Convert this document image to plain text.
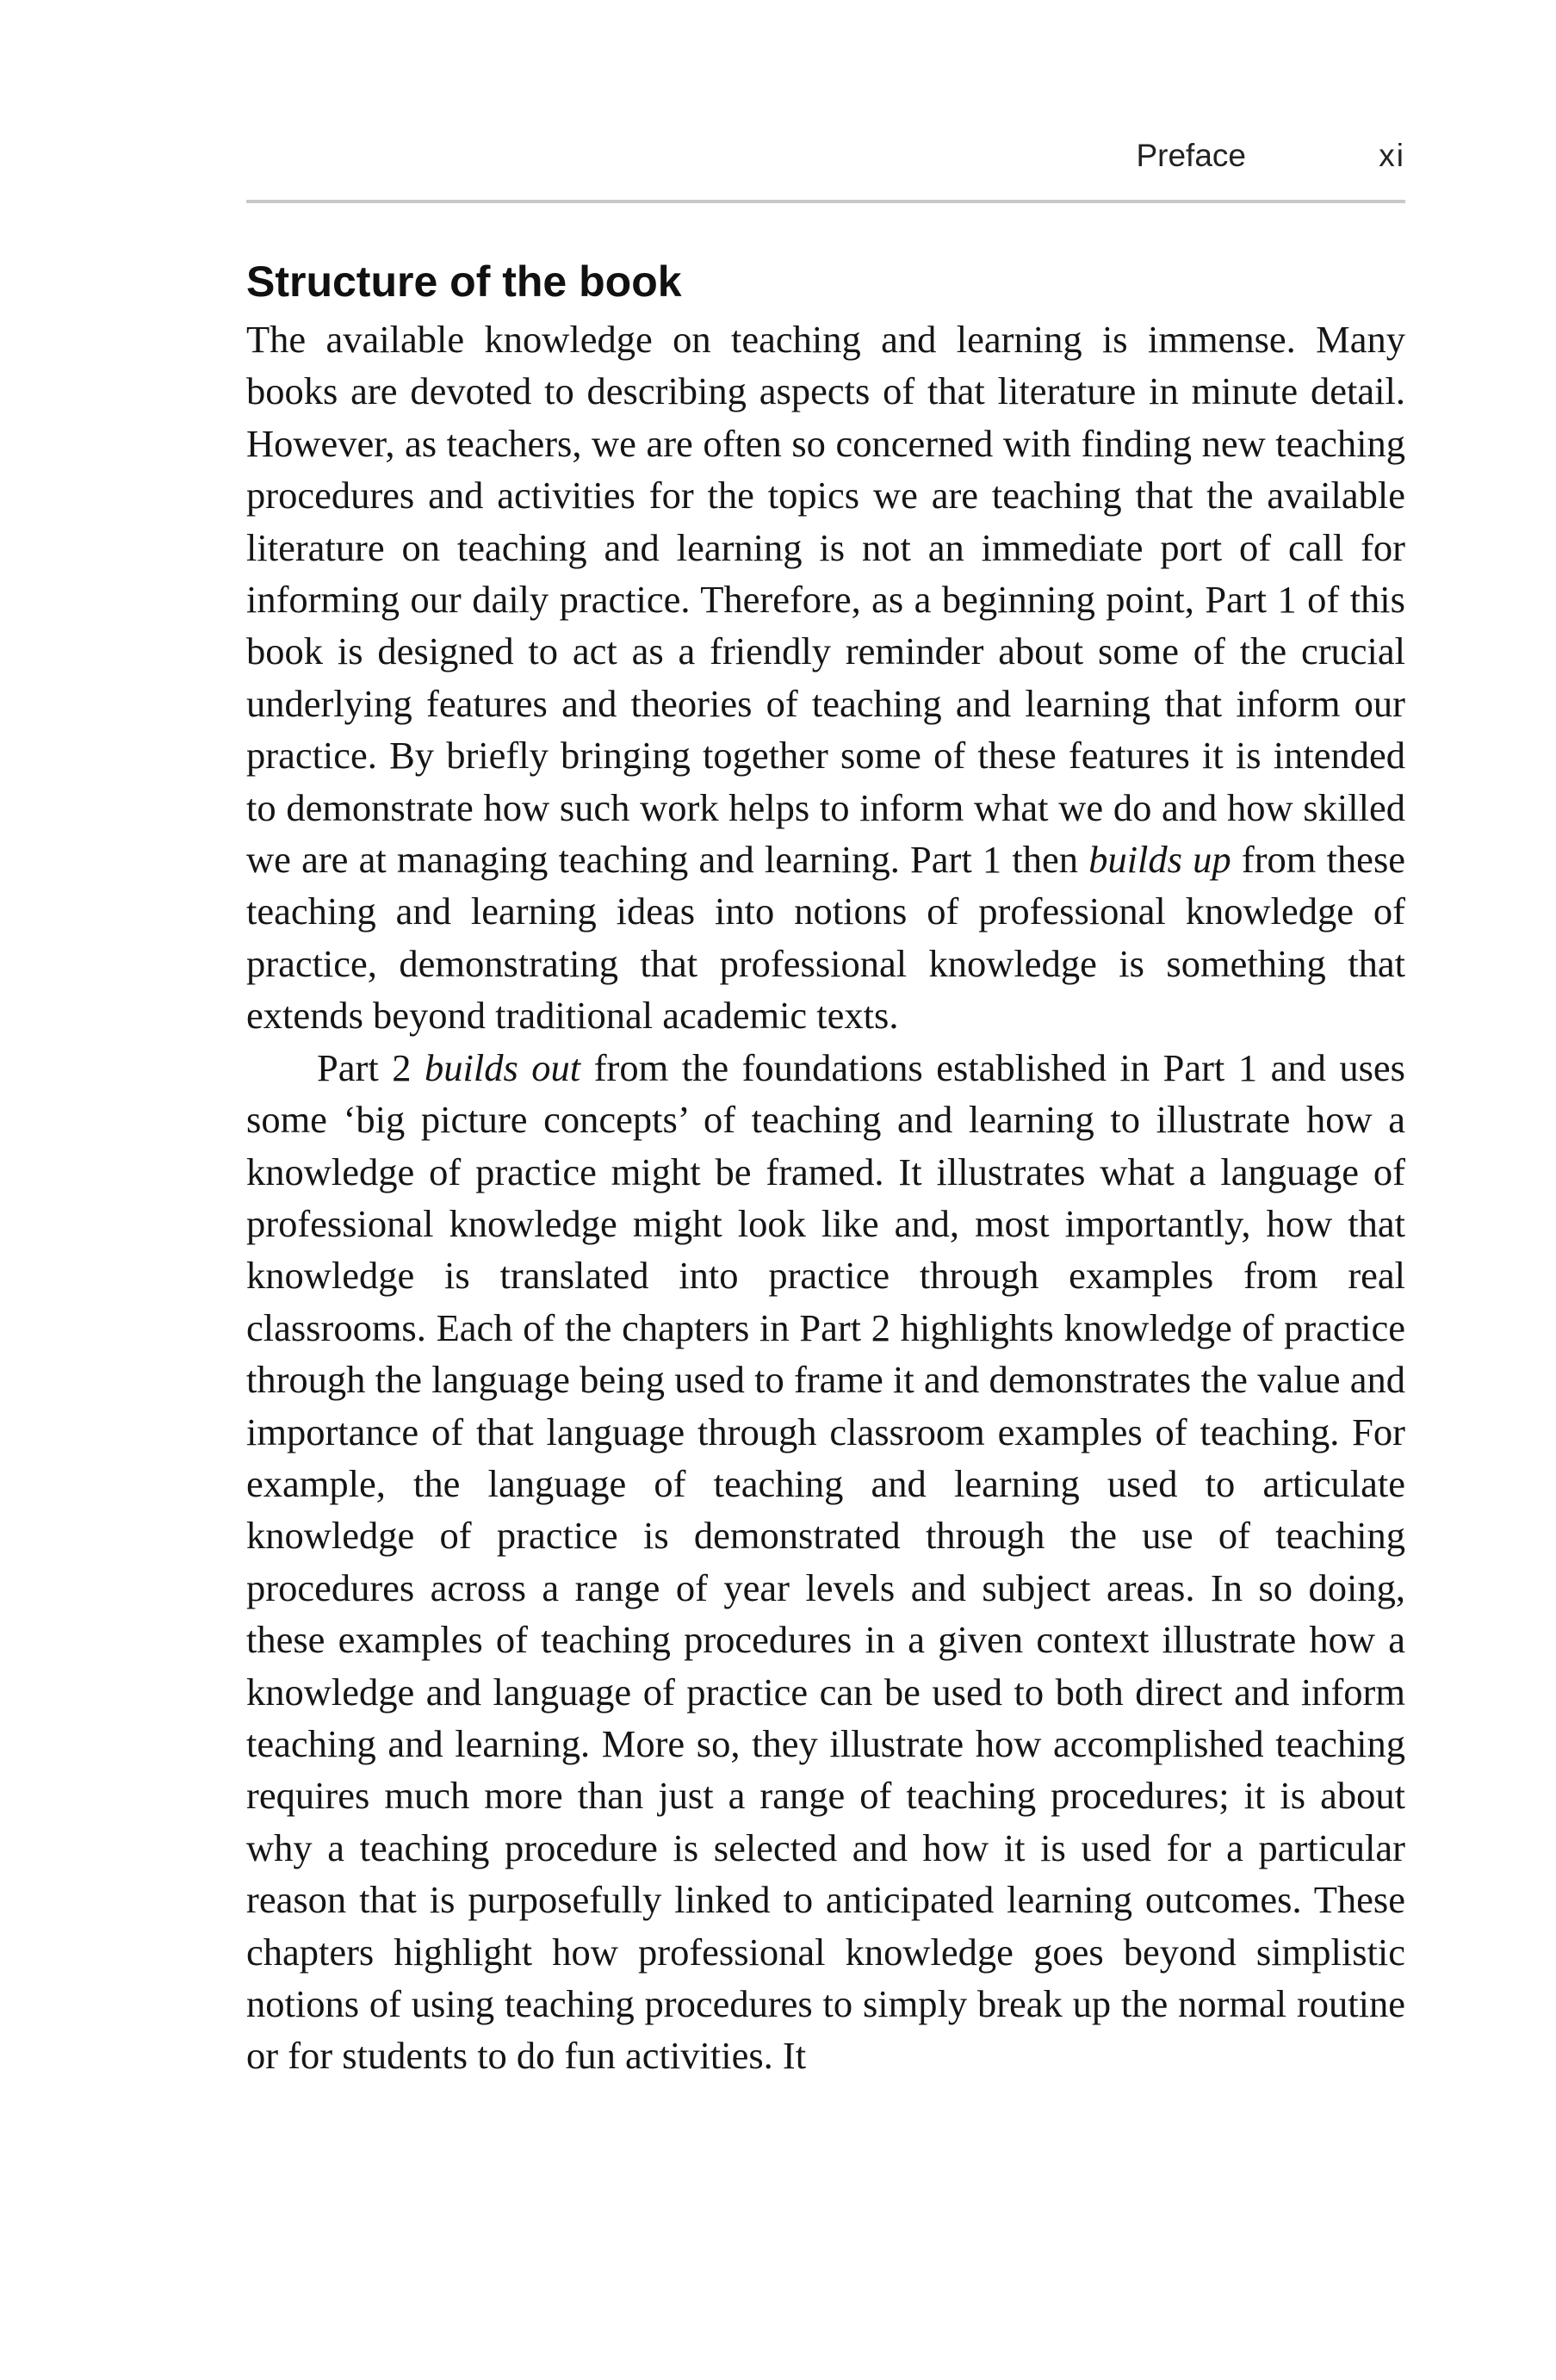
Preface	xi
Structure of the book

The available knowledge on teaching and learning is immense. Many books are devoted to describing aspects of that literature in minute detail. However, as teachers, we are often so concerned with finding new teaching procedures and activities for the topics we are teaching that the available literature on teaching and learning is not an immediate port of call for informing our daily practice. Therefore, as a beginning point, Part 1 of this book is designed to act as a friendly reminder about some of the crucial underlying features and theories of teaching and learning that inform our practice. By briefly bringing together some of these features it is intended to demonstrate how such work helps to inform what we do and how skilled we are at managing teaching and learning. Part 1 then builds up from these teaching and learning ideas into notions of professional knowledge of practice, demonstrating that professional knowledge is something that extends beyond traditional academic texts.

Part 2 builds out from the foundations established in Part 1 and uses some ‘big picture concepts’ of teaching and learning to illustrate how a knowledge of practice might be framed. It illustrates what a language of professional knowledge might look like and, most importantly, how that knowledge is translated into practice through examples from real classrooms. Each of the chapters in Part 2 highlights knowledge of practice through the language being used to frame it and demonstrates the value and importance of that language through classroom examples of teaching. For example, the language of teaching and learning used to articulate knowledge of practice is demonstrated through the use of teaching procedures across a range of year levels and subject areas. In so doing, these examples of teaching procedures in a given context illustrate how a knowledge and language of practice can be used to both direct and inform teaching and learning. More so, they illustrate how accomplished teaching requires much more than just a range of teaching procedures; it is about why a teaching procedure is selected and how it is used for a particular reason that is purposefully linked to anticipated learning outcomes. These chapters highlight how professional knowledge goes beyond simplistic notions of using teaching procedures to simply break up the normal routine or for students to do fun activities. It
